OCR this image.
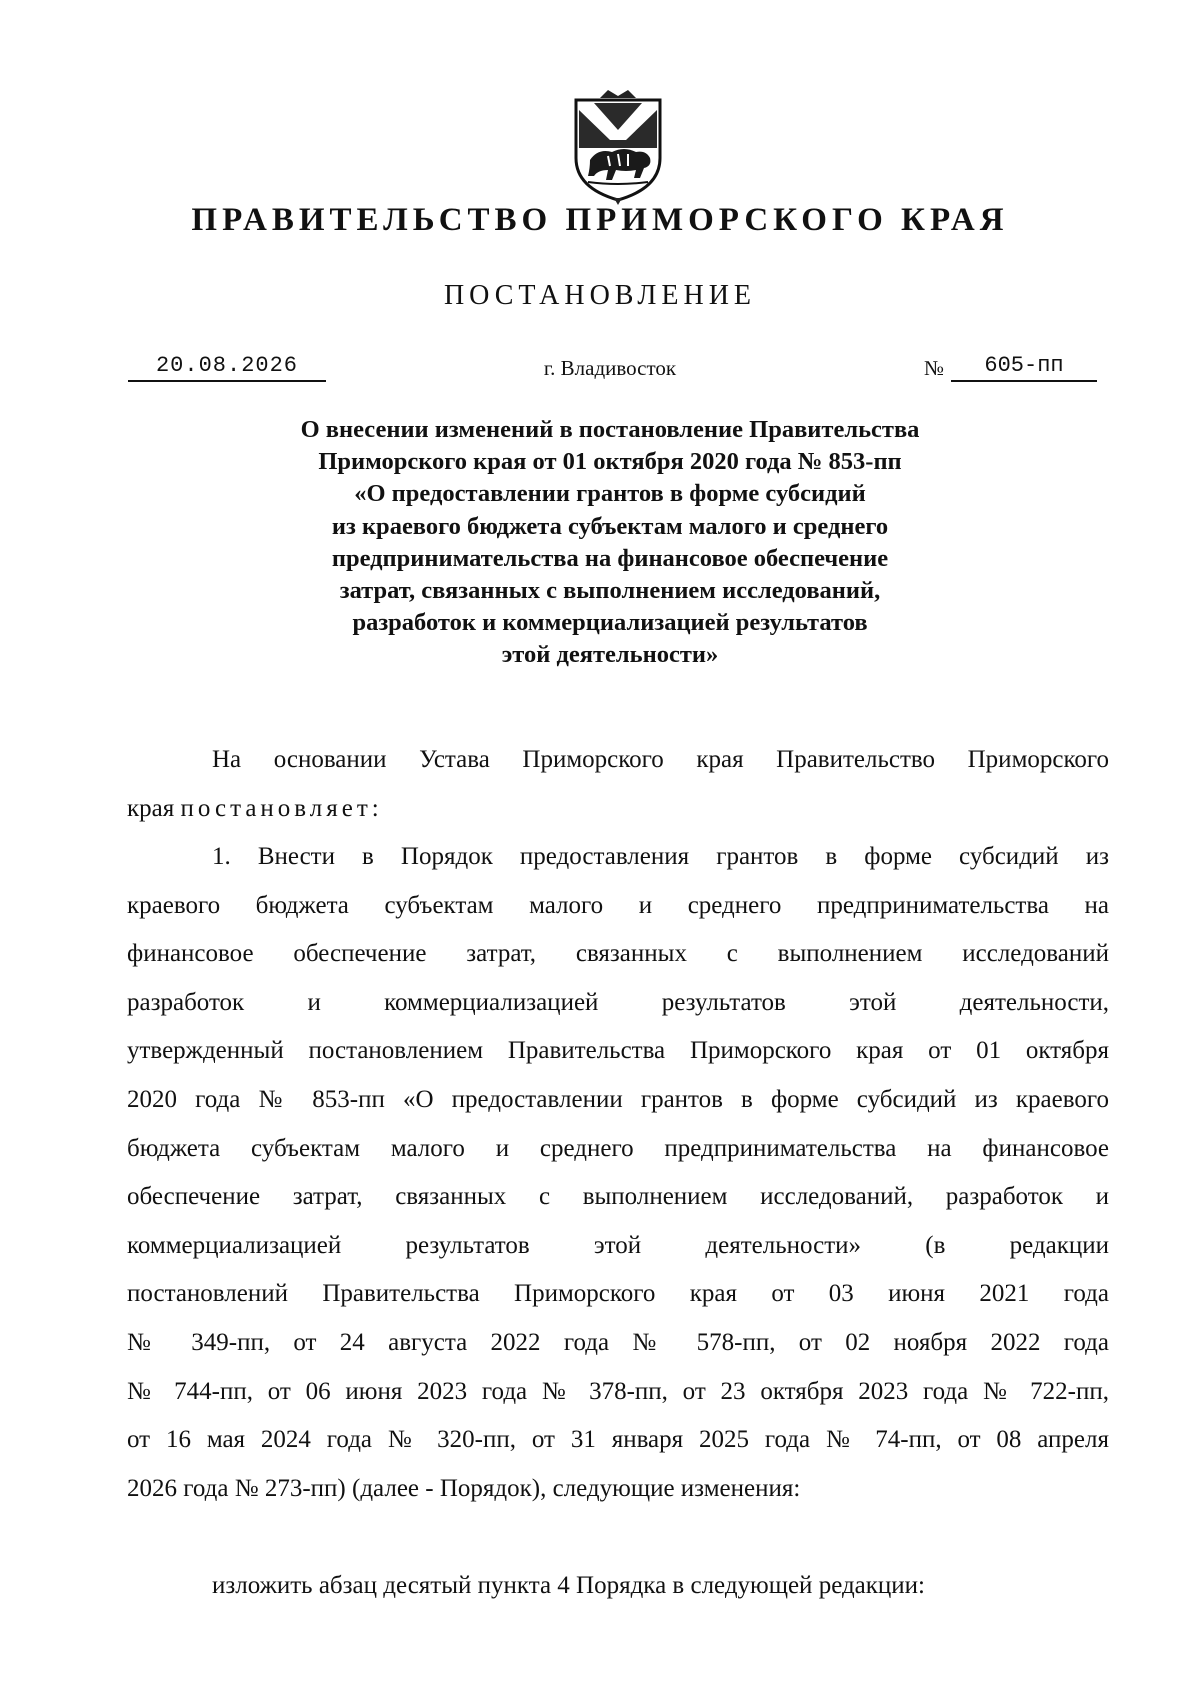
ПРАВИТЕЛЬСТВО ПРИМОРСКОГО КРАЯ
ПОСТАНОВЛЕНИЕ
20.08.2026	г. Владивосток	№	605-пп
О внесении изменений в постановление Правительства
Приморского края от 01 октября 2020 года № 853-пп
«О предоставлении грантов в форме субсидий
из краевого бюджета субъектам малого и среднего
предпринимательства на финансовое обеспечение
затрат, связанных с выполнением исследований,
разработок и коммерциализацией результатов
этой деятельности»
На основании Устава Приморского края Правительство Приморского
края постановляет:
1. Внести в Порядок предоставления грантов в форме субсидий из
краевого бюджета субъектам малого и среднего предпринимательства на
финансовое обеспечение затрат, связанных с выполнением исследований
разработок и коммерциализацией результатов этой деятельности,
утвержденный постановлением Правительства Приморского края от 01 октября
2020 года № 853-пп «О предоставлении грантов в форме субсидий из краевого
бюджета субъектам малого и среднего предпринимательства на финансовое
обеспечение затрат, связанных с выполнением исследований, разработок и
коммерциализацией результатов этой деятельности» (в редакции
постановлений Правительства Приморского края от 03 июня 2021 года
№ 349-пп, от 24 августа 2022 года № 578-пп, от 02 ноября 2022 года
№ 744-пп, от 06 июня 2023 года № 378-пп, от 23 октября 2023 года № 722-пп,
от 16 мая 2024 года № 320-пп, от 31 января 2025 года № 74-пп, от 08 апреля
2026 года № 273-пп) (далее - Порядок), следующие изменения:
изложить абзац десятый пункта 4 Порядка в следующей редакции:
